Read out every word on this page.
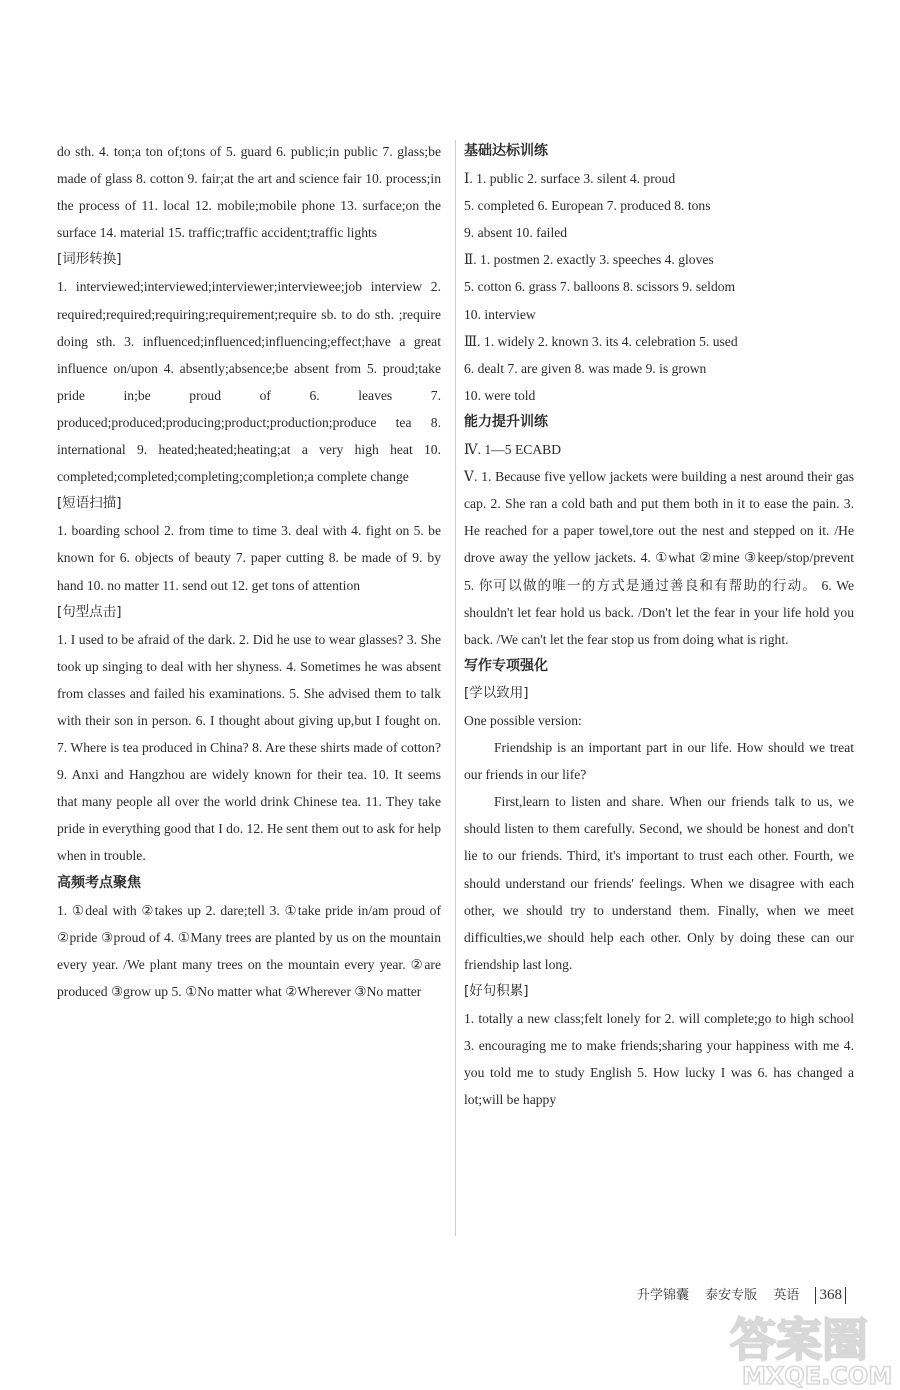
do sth. 4. ton;a ton of;tons of 5. guard 6. public;in public 7. glass;be made of glass 8. cotton 9. fair;at the art and science fair 10. process;in the process of 11. local 12. mobile;mobile phone 13. surface;on the surface 14. material 15. traffic;traffic accident;traffic lights

[词形转换]

1. interviewed;interviewed;interviewer;interviewee;job interview 2. required;required;requiring;requirement;require sb. to do sth. ;require doing sth. 3. influenced;influenced;influencing;effect;have a great influence on/upon 4. absently;absence;be absent from 5. proud;take pride in;be proud of 6. leaves 7. produced;produced;producing;product;production;produce tea 8. international 9. heated;heated;heating;at a very high heat 10. completed;completed;completing;completion;a complete change

[短语扫描]

1. boarding school 2. from time to time 3. deal with 4. fight on 5. be known for 6. objects of beauty 7. paper cutting 8. be made of 9. by hand 10. no matter 11. send out 12. get tons of attention

[句型点击]

1. I used to be afraid of the dark. 2. Did he use to wear glasses? 3. She took up singing to deal with her shyness. 4. Sometimes he was absent from classes and failed his examinations. 5. She advised them to talk with their son in person. 6. I thought about giving up,but I fought on. 7. Where is tea produced in China? 8. Are these shirts made of cotton? 9. Anxi and Hangzhou are widely known for their tea. 10. It seems that many people all over the world drink Chinese tea. 11. They take pride in everything good that I do. 12. He sent them out to ask for help when in trouble.

高频考点聚焦

1. ①deal with ②takes up 2. dare;tell 3. ①take pride in/am proud of ②pride ③proud of 4. ①Many trees are planted by us on the mountain every year. /We plant many trees on the mountain every year. ②are produced ③grow up 5. ①No matter what ②Wherever ③No matter

基础达标训练

Ⅰ. 1. public 2. surface 3. silent 4. proud

5. completed 6. European 7. produced 8. tons

9. absent 10. failed

Ⅱ. 1. postmen 2. exactly 3. speeches 4. gloves

5. cotton 6. grass 7. balloons 8. scissors 9. seldom

10. interview

Ⅲ. 1. widely 2. known 3. its 4. celebration 5. used

6. dealt 7. are given 8. was made 9. is grown

10. were told

能力提升训练

Ⅳ. 1—5 ECABD

Ⅴ. 1. Because five yellow jackets were building a nest around their gas cap. 2. She ran a cold bath and put them both in it to ease the pain. 3. He reached for a paper towel,tore out the nest and stepped on it. /He drove away the yellow jackets. 4. ①what ②mine ③keep/stop/prevent 5. 你可以做的唯一的方式是通过善良和有帮助的行动。 6. We shouldn't let fear hold us back. /Don't let the fear in your life hold you back. /We can't let the fear stop us from doing what is right.

写作专项强化

[学以致用]

One possible version:

Friendship is an important part in our life. How should we treat our friends in our life?

First,learn to listen and share. When our friends talk to us, we should listen to them carefully. Second, we should be honest and don't lie to our friends. Third, it's important to trust each other. Fourth, we should understand our friends' feelings. When we disagree with each other, we should try to understand them. Finally, when we meet difficulties,we should help each other. Only by doing these can our friendship last long.

[好句积累]

1. totally a new class;felt lonely for 2. will complete;go to high school 3. encouraging me to make friends;sharing your happiness with me 4. you told me to study English 5. How lucky I was 6. has changed a lot;will be happy

升学锦囊 泰安专版 英语 368
答案圈
MXQE.COM
